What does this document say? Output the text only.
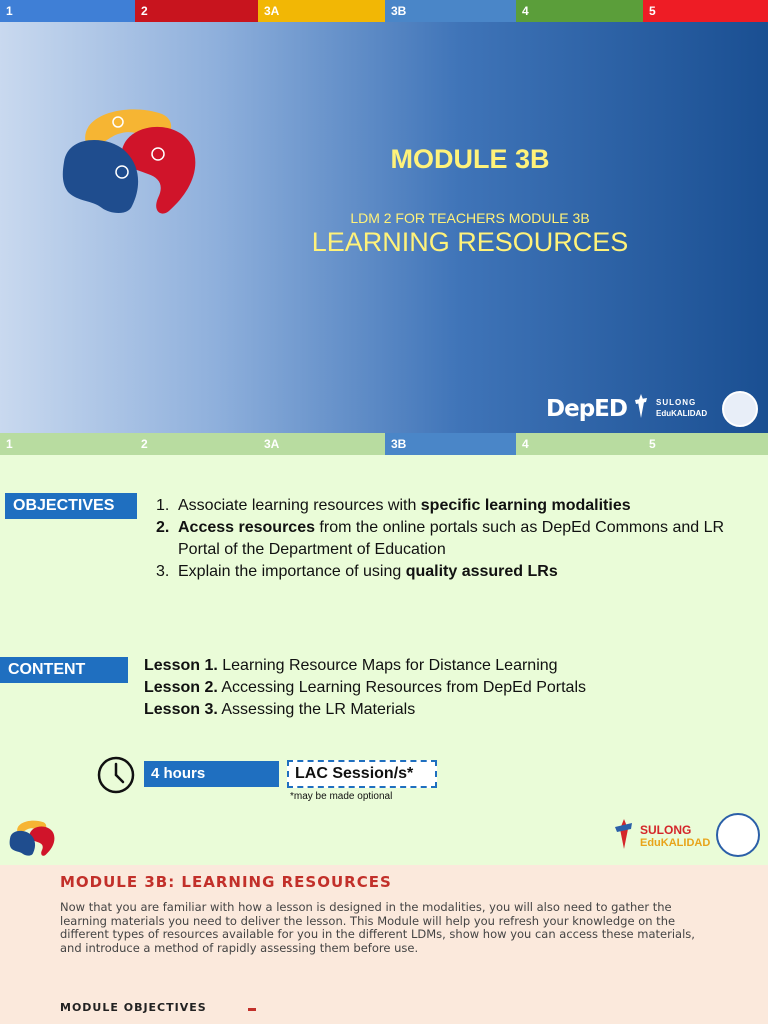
1	2	3A	3B	4	5
MODULE 3B
LDM 2 FOR TEACHERS MODULE 3B
LEARNING RESOURCES
DepED	SULONG
EduKALIDAD
1	2	3A	3B	4	5
OBJECTIVES	1. Associate learning resources with specific learning modalities
2. Access resources from the online portals such as DepEd Commons and LR Portal of the Department of Education
3. Explain the importance of using quality assured LRs
CONTENT	Lesson 1. Learning Resource Maps for Distance Learning
Lesson 2. Accessing Learning Resources from DepEd Portals
Lesson 3. Assessing the LR Materials
4 hours	LAC Session/s*
*may be made optional
SULONG
EduKALIDAD
MODULE 3B: LEARNING RESOURCES
Now that you are familiar with how a lesson is designed in the modalities, you will also need to gather the learning materials you need to deliver the lesson. This Module will help you refresh your knowledge on the different types of resources available for you in the different LDMs, show how you can access these materials, and introduce a method of rapidly assessing them before use.
MODULE OBJECTIVES
